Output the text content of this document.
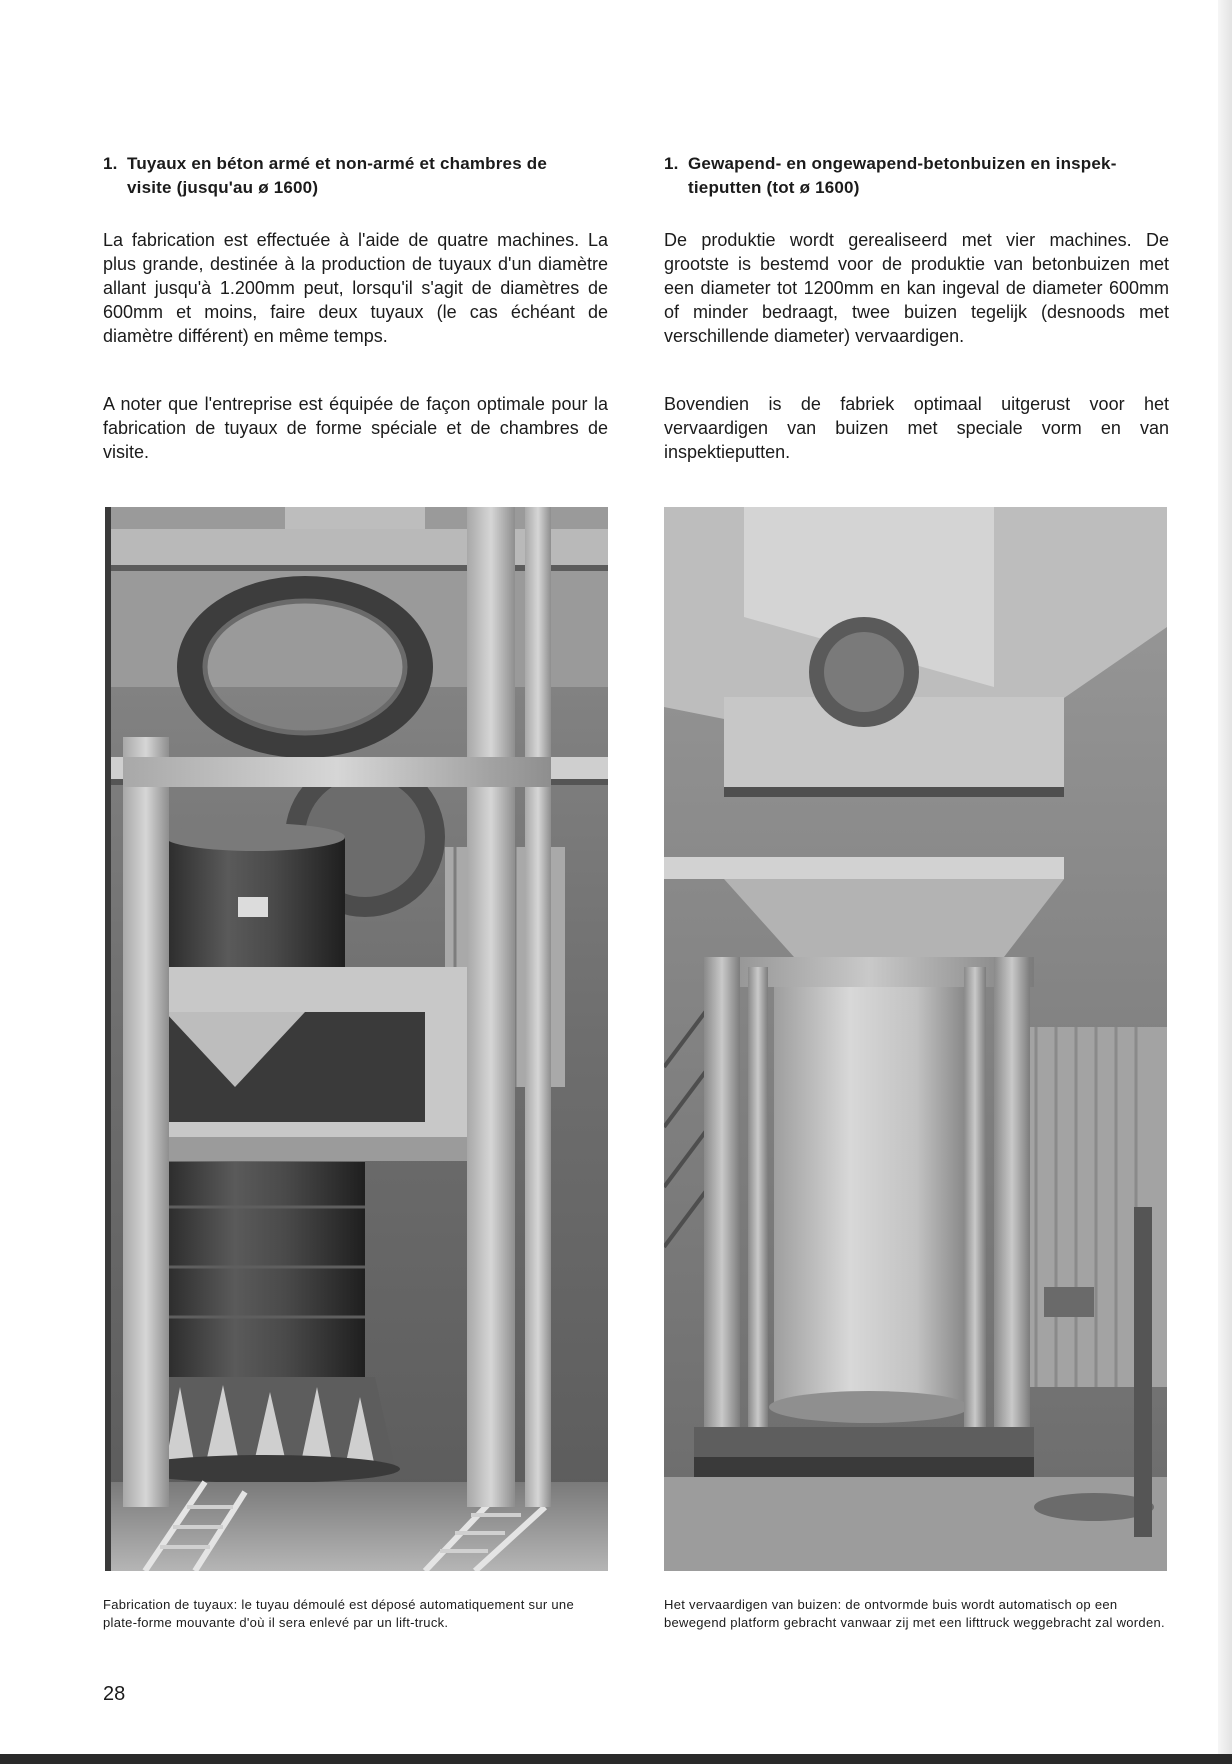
1. Tuyaux en béton armé et non-armé et chambres de
visite (jusqu'au ø 1600)

La fabrication est effectuée à l'aide de quatre machines. La plus grande, destinée à la production de tuyaux d'un diamètre allant jusqu'à 1.200mm peut, lorsqu'il s'agit de diamètres de 600mm et moins, faire deux tuyaux (le cas échéant de diamètre différent) en même temps.

A noter que l'entreprise est équipée de façon optimale pour la fabrication de tuyaux de forme spéciale et de chambres de visite.

1. Gewapend- en ongewapend-betonbuizen en inspek-
tieputten (tot ø 1600)

De produktie wordt gerealiseerd met vier machines. De grootste is bestemd voor de produktie van betonbuizen met een diameter tot 1200mm en kan ingeval de diameter 600mm of minder bedraagt, twee buizen tegelijk (desnoods met verschillende diameter) vervaardigen.

Bovendien is de fabriek optimaal uitgerust voor het vervaardigen van buizen met speciale vorm en van inspektieputten.

Fabrication de tuyaux: le tuyau démoulé est déposé automatiquement sur une plate-forme mouvante d'où il sera enlevé par un lift-truck.
Het vervaardigen van buizen: de ontvormde buis wordt automatisch op een bewegend platform gebracht vanwaar zij met een lifttruck weggebracht zal worden.
28
